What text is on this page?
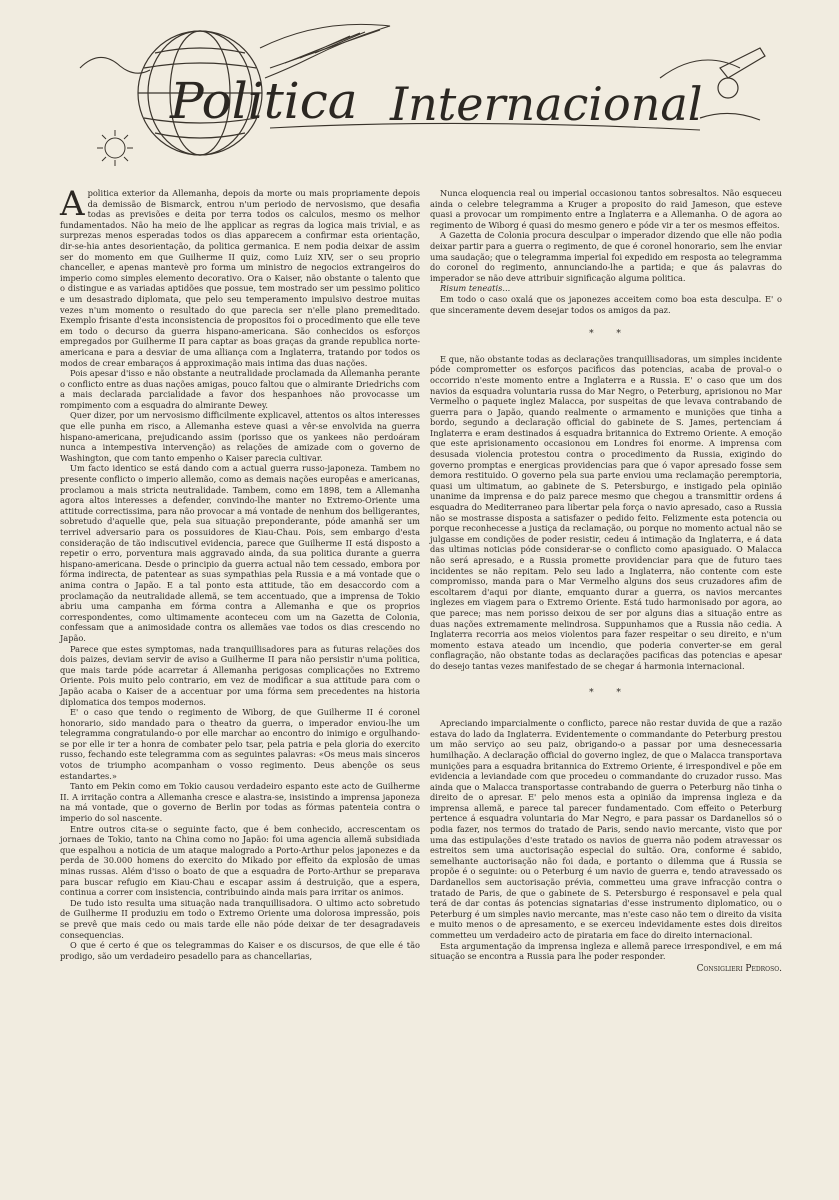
Politica Internacional

Apolitica exterior da Allemanha, depois da morte ou mais propriamente depois da demissão de Bismarck, entrou n'um periodo de nervosismo, que desafia todas as previsões e deita por terra todos os calculos, mesmo os melhor fundamentados. Não ha meio de lhe applicar as regras da logica mais trivial, e as surprezas menos esperadas todos os dias apparecem a confirmar esta orientação, dir-se-hia antes desorientação, da politica germanica. E nem podia deixar de assim ser do momento em que Guilherme II quiz, como Luiz XIV, ser o seu proprio chanceller, e apenas mantevè pro forma um ministro de negocios extrangeiros do imperio como simples elemento decorativo. Ora o Kaiser, não obstante o talento que o distingue e as variadas aptidões que possue, tem mostrado ser um pessimo politico e um desastrado diplomata, que pelo seu temperamento impulsivo destroe muitas vezes n'um momento o resultado do que parecia ser n'elle plano premeditado. Exemplo frisante d'esta inconsistencia de propositos foi o procedimento que elle teve em todo o decurso da guerra hispano-americana. São conhecidos os esforços empregados por Guilherme II para captar as boas graças da grande republica norte-americana e para a desviar de uma alliança com a Inglaterra, tratando por todos os modos de crear embaraços á approximação mais intima das duas nações.

Pois apesar d'isso e não obstante a neutralidade proclamada da Allemanha perante o conflicto entre as duas nações amigas, pouco faltou que o almirante Driedrichs com a mais declarada parcialidade a favor dos hespanhoes não provocasse um rompimento com a esquadra do almirante Dewey.

Quer dizer, por um nervosismo difficilmente explicavel, attentos os altos interesses que elle punha em risco, a Allemanha esteve quasi a vêr-se envolvida na guerra hispano-americana, prejudicando assim (porisso que os yankees não perdoáram nunca a intempestiva intervenção) as relações de amizade com o governo de Washington, que com tanto empenho o Kaiser parecia cultivar.

Um facto identico se está dando com a actual guerra russo-japoneza. Tambem no presente conflicto o imperio allemão, como as demais nações europêas e americanas, proclamou a mais stricta neutralidade. Tambem, como em 1898, tem a Allemanha agora altos interesses a defender, convindo-lhe manter no Extremo-Oriente uma attitude correctissima, para não provocar a má vontade de nenhum dos belligerantes, sobretudo d'aquelle que, pela sua situação preponderante, póde amanhã ser um terrivel adversario para os possuidores de Kiau-Chau. Pois, sem embargo d'esta consideração de tão indiscutivel evidencia, parece que Guilherme II está disposto a repetir o erro, porventura mais aggravado ainda, da sua politica durante a guerra hispano-americana. Desde o principio da guerra actual não tem cessado, embora por fórma indirecta, de patentear as suas sympathias pela Russia e a má vontade que o anima contra o Japão. E a tal ponto esta attitude, tão em desaccordo com a proclamação da neutralidade allemã, se tem accentuado, que a imprensa de Tokio abriu uma campanha em fórma contra a Allemanha e que os proprios correspondentes, como ultimamente aconteceu com um na Gazetta de Colonia, confessam que a animosidade contra os allemães vae todos os dias crescendo no Japão.

Parece que estes symptomas, nada tranquillisadores para as futuras relações dos dois paizes, deviam servir de aviso a Guilherme II para não persistir n'uma politica, que mais tarde póde acarretar á Allemanha perigosas complicações no Extremo Oriente. Pois muito pelo contrario, em vez de modificar a sua attitude para com o Japão acaba o Kaiser de a accentuar por uma fórma sem precedentes na historia diplomatica dos tempos modernos.

E' o caso que tendo o regimento de Wiborg, de que Guilherme II é coronel honorario, sido mandado para o theatro da guerra, o imperador enviou-lhe um telegramma congratulando-o por elle marchar ao encontro do inimigo e orgulhando-se por elle ir ter a honra de combater pelo tsar, pela patria e pela gloria do exercito russo, fechando este telegramma com as seguintes palavras: «Os meus mais sinceros votos de triumpho acompanham o vosso regimento. Deus abençôe os seus estandartes.»

Tanto em Pekin como em Tokio causou verdadeiro espanto este acto de Guilherme II. A irritação contra a Allemanha cresce e alastra-se, insistindo a imprensa japoneza na má vontade, que o governo de Berlin por todas as fórmas patenteia contra o imperio do sol nascente.

Entre outros cita-se o seguinte facto, que é bem conhecido, accrescentam os jornaes de Tokio, tanto na China como no Japão: foi uma agencia allemã subsidiada que espalhou a noticia de um ataque malogrado a Porto-Arthur pelos japonezes e da perda de 30.000 homens do exercito do Mikado por effeito da explosão de umas minas russas. Além d'isso o boato de que a esquadra de Porto-Arthur se preparava para buscar refugio em Kiau-Chau e escapar assim á destruição, que a espera, continua a correr com insistencia, contribuindo ainda mais para irritar os animos.

De tudo isto resulta uma situação nada tranquillisadora. O ultimo acto sobretudo de Guilherme II produziu em todo o Extremo Oriente uma dolorosa impressão, pois se prevê que mais cedo ou mais tarde elle não póde deixar de ter desagradaveis consequencias.

O que é certo é que os telegrammas do Kaiser e os discursos, de que elle é tão prodigo, são um verdadeiro pesadello para as chancellarias,

Nunca eloquencia real ou imperial occasionou tantos sobresaltos. Não esqueceu ainda o celebre telegramma a Kruger a proposito do raid Jameson, que esteve quasi a provocar um rompimento entre a Inglaterra e a Allemanha. O de agora ao regimento de Wiborg é quasi do mesmo genero e póde vir a ter os mesmos effeitos.

A Gazetta de Colonia procura desculpar o imperador dizendo que elle não podia deixar partir para a guerra o regimento, de que é coronel honorario, sem lhe enviar uma saudação; que o telegramma imperial foi expedido em resposta ao telegramma do coronel do regimento, annunciando-lhe a partida; e que ás palavras do imperador se não deve attribuir significação alguma politica.

Risum teneatis...

Em todo o caso oxalá que os japonezes acceitem como boa esta desculpa. E' o que sinceramente devem desejar todos os amigos da paz.

* *

E que, não obstante todas as declarações tranquillisadoras, um simples incidente póde comprometter os esforços pacificos das potencias, acaba de proval-o o occorrido n'este momento entre a Inglaterra e a Russia. E' o caso que um dos navios da esquadra voluntaria russa do Mar Negro, o Peterburg, aprisionou no Mar Vermelho o paquete inglez Malacca, por suspeitas de que levava contrabando de guerra para o Japão, quando realmente o armamento e munições que tinha a bordo, segundo a declaração official do gabinete de S. James, pertenciam á Inglaterra e eram destinados á esquadra britannica do Extremo Oriente. A emoção que este aprisionamento occasionou em Londres foi enorme. A imprensa com desusada violencia protestou contra o procedimento da Russia, exigindo do governo promptas e energicas providencias para que ó vapor apresado fosse sem demora restituido. O governo pela sua parte enviou uma reclamação peremptoria, quasi um ultimatum, ao gabinete de S. Petersburgo, e instigado pela opinião unanime da imprensa e do paiz parece mesmo que chegou a transmittir ordens á esquadra do Mediterraneo para libertar pela força o navio apresado, caso a Russia não se mostrasse disposta a satisfazer o pedido feito. Felizmente esta potencia ou porque reconhecesse a justiça da reclamação, ou porque no momento actual não se julgasse em condições de poder resistir, cedeu á intimação da Inglaterra, e á data das ultimas noticias póde considerar-se o conflicto como apasiguado. O Malacca não será apresado, e a Russia promette providenciar para que de futuro taes incidentes se não repitam. Pelo seu lado a Inglaterra, não contente com este compromisso, manda para o Mar Vermelho alguns dos seus cruzadores afim de escoltarem d'aqui por diante, emquanto durar a guerra, os navios mercantes inglezes em viagem para o Extremo Oriente. Está tudo harmonisado por agora, ao que parece; mas nem porisso deixou de ser por alguns dias a situação entre as duas nações extremamente melindrosa. Suppunhamos que a Russia não cedia. A Inglaterra recorria aos meios violentos para fazer respeitar o seu direito, e n'um momento estava ateado um incendio, que poderia converter-se em geral conflagração, não obstante todas as declarações pacificas das potencias e apesar do desejo tantas vezes manifestado de se chegar á harmonia internacional.

* *

Apreciando imparcialmente o conflicto, parece não restar duvida de que a razão estava do lado da Inglaterra. Evidentemente o commandante do Peterburg prestou um mão serviço ao seu paiz, obrigando-o a passar por uma desnecessaria humilhação. A declaração official do governo inglez, de que o Malacca transportava munições para a esquadra britannica do Extremo Oriente, é irrespondivel e põe em evidencia a leviandade com que procedeu o commandante do cruzador russo. Mas ainda que o Malacca transportasse contrabando de guerra o Peterburg não tinha o direito de o apresar. E' pelo menos esta a opinião da imprensa ingleza e da imprensa allemã, e parece tal parecer fundamentado. Com effeito o Peterburg pertence á esquadra voluntaria do Mar Negro, e para passar os Dardanellos só o podia fazer, nos termos do tratado de Paris, sendo navio mercante, visto que por uma das estipulações d'este tratado os navios de guerra não podem atravessar os estreitos sem uma auctorisação especial do sultão. Ora, conforme é sabido, semelhante auctorisação não foi dada, e portanto o dilemma que á Russia se propõe é o seguinte: ou o Peterburg é um navio de guerra e, tendo atravessado os Dardanellos sem auctorisação prévia, commetteu uma grave infracção contra o tratado de Paris, de que o gabinete de S. Petersburgo é responsavel e pela qual terá de dar contas ás potencias signatarias d'esse instrumento diplomatico, ou o Peterburg é um simples navio mercante, mas n'este caso não tem o direito da visita e muito menos o de apresamento, e se exerceu indevidamente estes dois direitos commetteu um verdadeiro acto de pirataria em face do direito internacional.

Esta argumentação da imprensa ingleza e allemã parece irrespondivel, e em má situação se encontra a Russia para lhe poder responder.

Consiglieri Pedroso.
